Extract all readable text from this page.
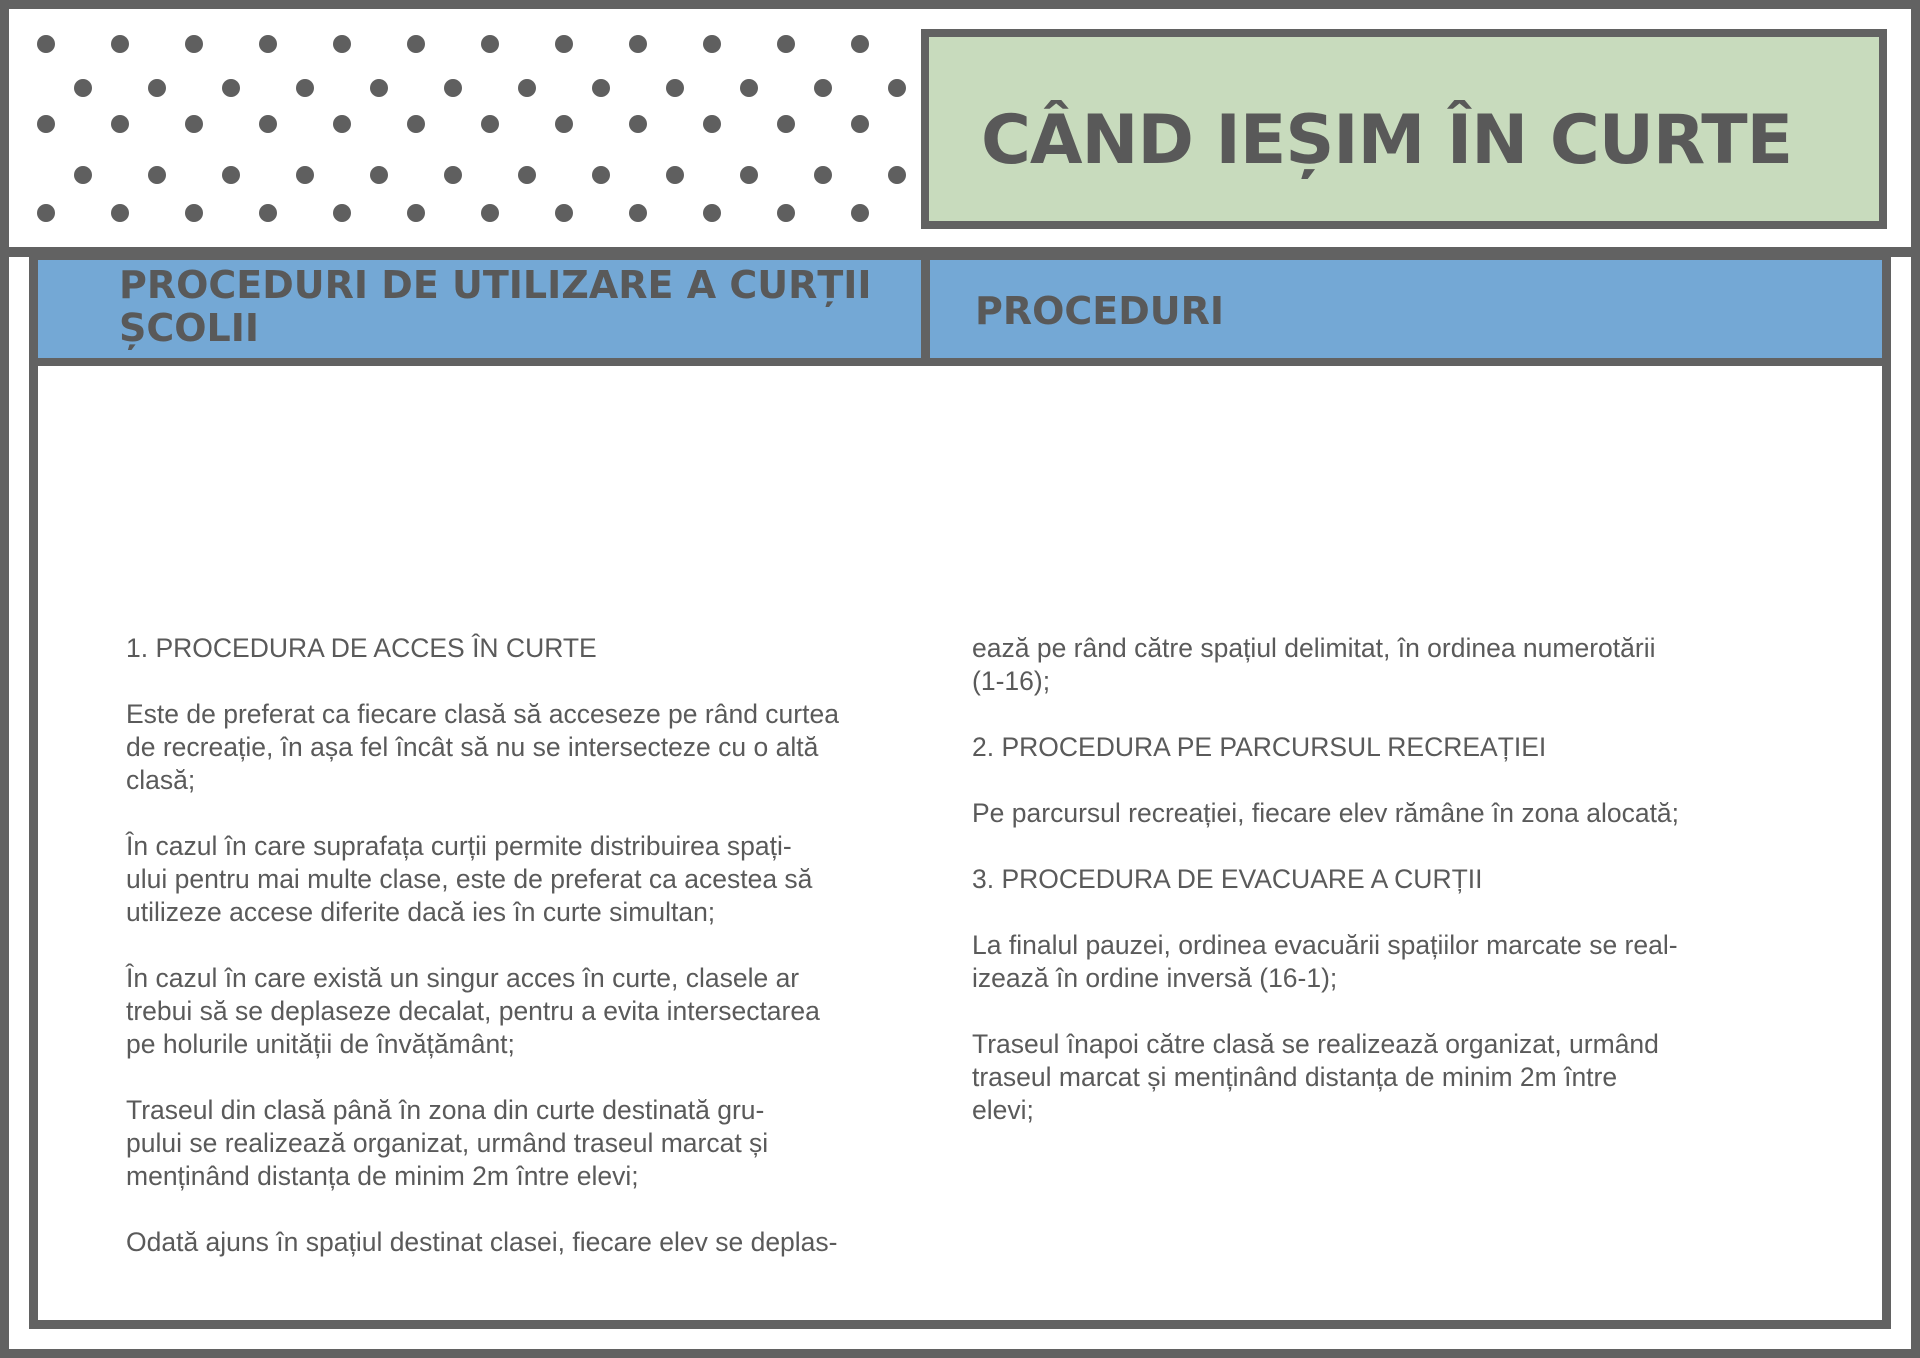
CÂND IEȘIM ÎN CURTE
PROCEDURI DE UTILIZARE A CURȚII
ȘCOLII	PROCEDURI

1. PROCEDURA DE ACCES ÎN CURTE

Este de preferat ca fiecare clasă să acceseze pe rând curtea
de recreație, în așa fel încât să nu se intersecteze cu o altă
clasă;

În cazul în care suprafața curții permite distribuirea spați-
ului pentru mai multe clase, este de preferat ca acestea să
utilizeze accese diferite dacă ies în curte simultan;

În cazul în care există un singur acces în curte, clasele ar
trebui să se deplaseze decalat, pentru a evita intersectarea
pe holurile unității de învățământ;

Traseul din clasă până în zona din curte destinată gru-
pului se realizează organizat, urmând traseul marcat și
menținând distanța de minim 2m între elevi;

Odată ajuns în spațiul destinat clasei, fiecare elev se deplas-

ează pe rând către spațiul delimitat, în ordinea numerotării
(1-16);

2. PROCEDURA PE PARCURSUL RECREAȚIEI

Pe parcursul recreației, fiecare elev rămâne în zona alocată;

3. PROCEDURA DE EVACUARE A CURȚII

La finalul pauzei, ordinea evacuării spațiilor marcate se real-
izează în ordine inversă (16-1);

Traseul înapoi către clasă se realizează organizat, urmând
traseul marcat și menținând distanța de minim 2m între
elevi;
